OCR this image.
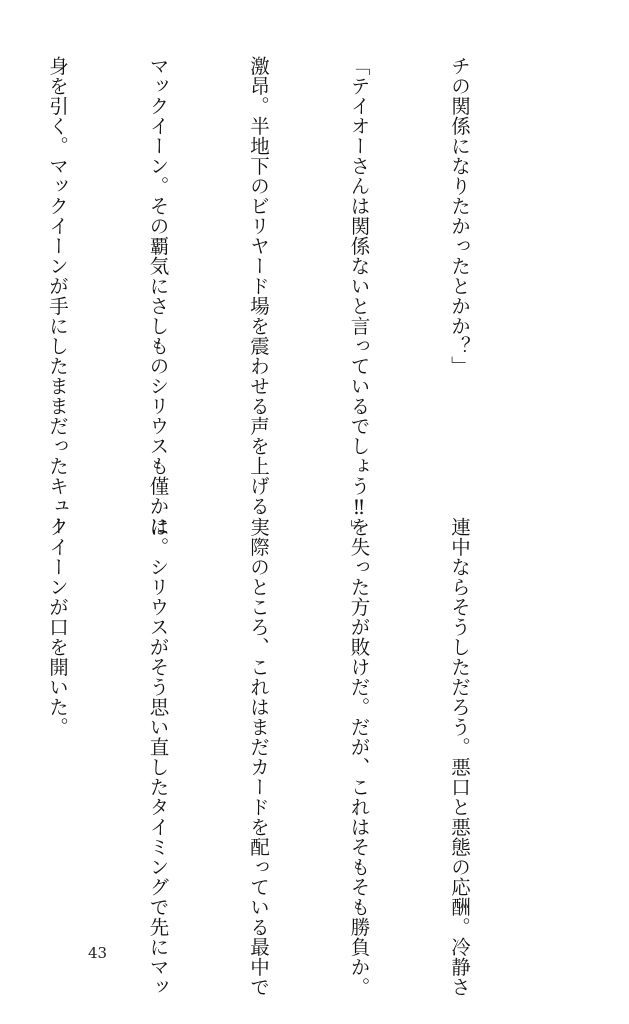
チの関係になりたかったとかか？」

「テイオーさんは関係ないと言っているでしょう‼」

激昂。半地下のビリヤード場を震わせる声を上げる

マックイーン。その覇気にさしものシリウスも僅かに

身を引く。マックイーンが手にしたままだったキュー

連中ならそうしただろう。悪口と悪態の応酬。冷静さ

を失った方が敗けだ。だが、これはそもそも勝負か。

実際のところ、これはまだカードを配っている最中で

は。シリウスがそう思い直したタイミングで先にマッ

クイーンが口を開いた。

43
